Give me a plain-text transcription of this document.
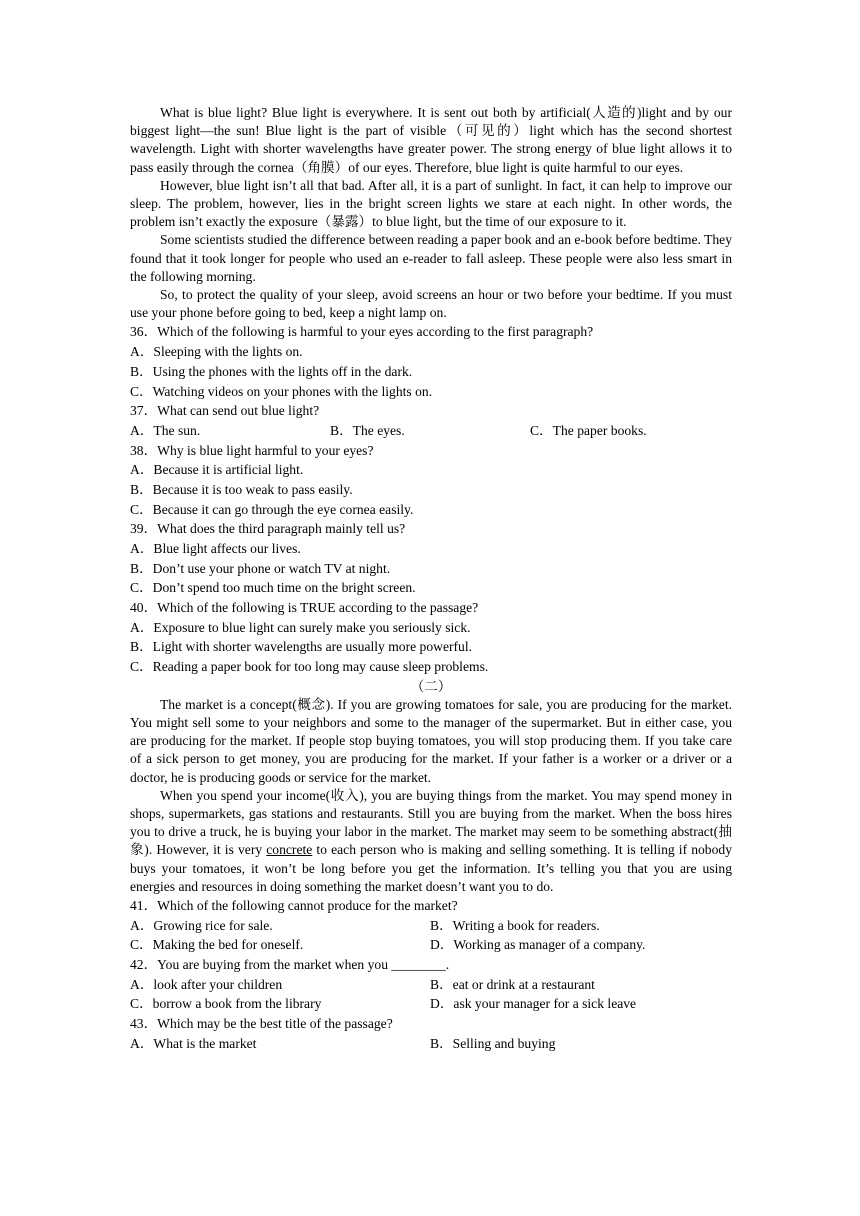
What is blue light? Blue light is everywhere. It is sent out both by artificial(人造的)light and by our biggest light—the sun! Blue light is the part of visible（可见的）light which has the second shortest wavelength. Light with shorter wavelengths have greater power. The strong energy of blue light allows it to pass easily through the cornea（角膜）of our eyes. Therefore, blue light is quite harmful to our eyes.

However, blue light isn’t all that bad. After all, it is a part of sunlight. In fact, it can help to improve our sleep. The problem, however, lies in the bright screen lights we stare at each night. In other words, the problem isn’t exactly the exposure（暴露）to blue light, but the time of our exposure to it.

Some scientists studied the difference between reading a paper book and an e-book before bedtime. They found that it took longer for people who used an e-reader to fall asleep. These people were also less smart in the following morning.

So, to protect the quality of your sleep, avoid screens an hour or two before your bedtime. If you must use your phone before going to bed, keep a night lamp on.

36．Which of the following is harmful to your eyes according to the first paragraph?
A．Sleeping with the lights on.
B．Using the phones with the lights off in the dark.
C．Watching videos on your phones with the lights on.
37．What can send out blue light?
A．The sun.	B．The eyes.	C．The paper books.
38．Why is blue light harmful to your eyes?
A．Because it is artificial light.
B．Because it is too weak to pass easily.
C．Because it can go through the eye cornea easily.
39．What does the third paragraph mainly tell us?
A．Blue light affects our lives.
B．Don’t use your phone or watch TV at night.
C．Don’t spend too much time on the bright screen.
40．Which of the following is TRUE according to the passage?
A．Exposure to blue light can surely make you seriously sick.
B．Light with shorter wavelengths are usually more powerful.
C．Reading a paper book for too long may cause sleep problems.
（二）

The market is a concept(概念). If you are growing tomatoes for sale, you are producing for the market. You might sell some to your neighbors and some to the manager of the supermarket. But in either case, you are producing for the market. If people stop buying tomatoes, you will stop producing them. If you take care of a sick person to get money, you are producing for the market. If your father is a worker or a driver or a doctor, he is producing goods or service for the market.

When you spend your income(收入), you are buying things from the market. You may spend money in shops, supermarkets, gas stations and restaurants. Still you are buying from the market. When the boss hires you to drive a truck, he is buying your labor in the market. The market may seem to be something abstract(抽象). However, it is very concrete to each person who is making and selling something. It is telling if nobody buys your tomatoes, it won’t be long before you get the information. It’s telling you that you are using energies and resources in doing something the market doesn’t want you to do.

41．Which of the following cannot produce for the market?
A．Growing rice for sale.	B．Writing a book for readers.
C．Making the bed for oneself.	D．Working as manager of a company.
42．You are buying from the market when you ________.
A．look after your children	B．eat or drink at a restaurant
C．borrow a book from the library	D．ask your manager for a sick leave
43．Which may be the best title of the passage?
A．What is the market	B．Selling and buying
